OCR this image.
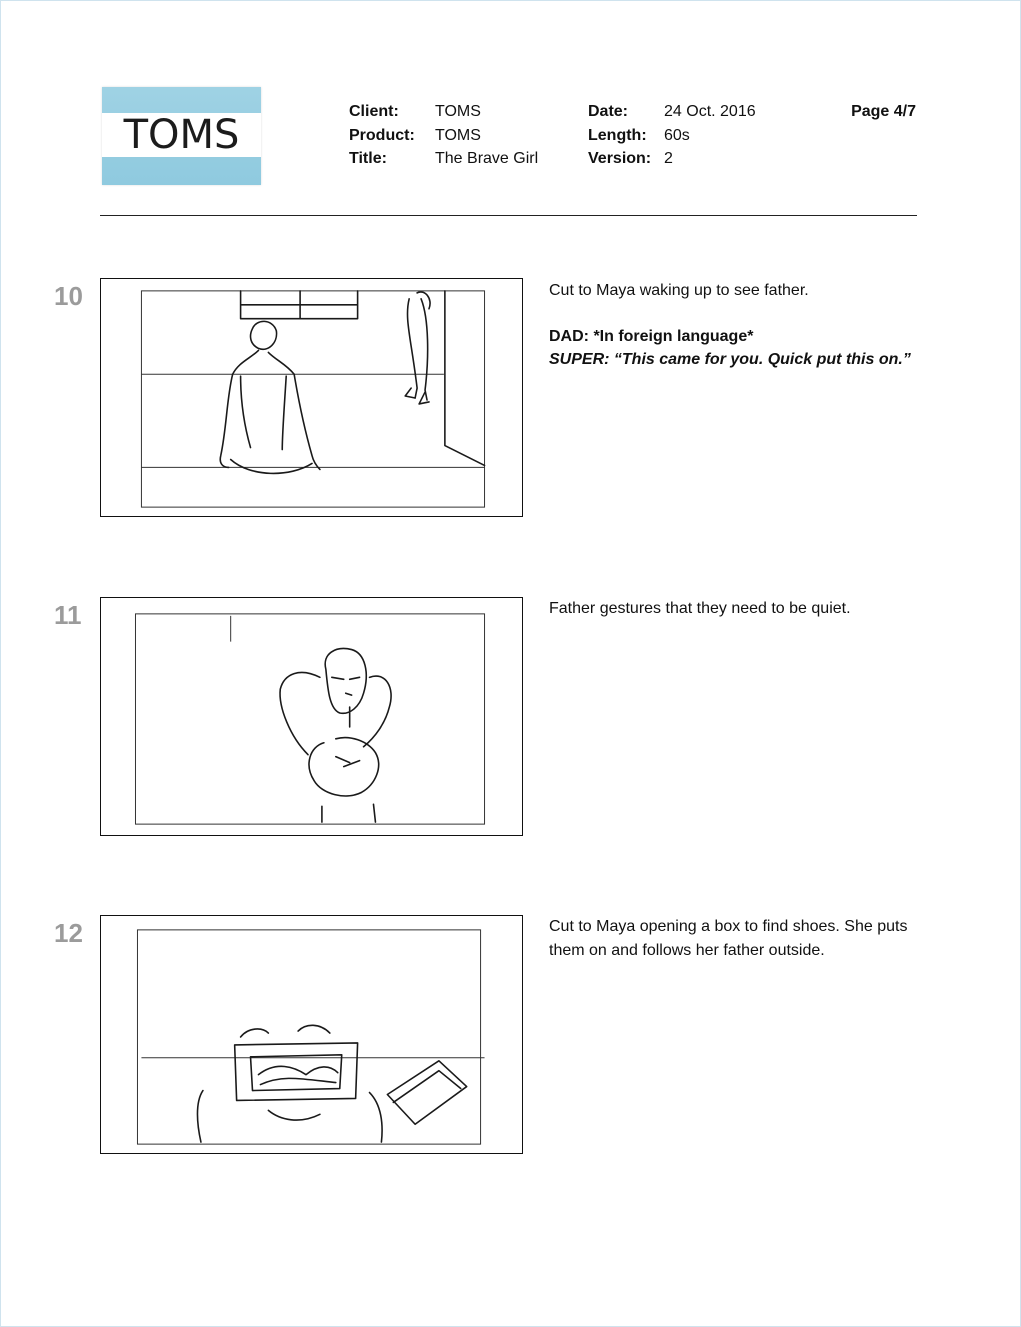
TOMS
Client:	TOMS
Product:	TOMS
Title:	The Brave Girl
Date:	24 Oct. 2016
Length:	60s
Version: 2
Page 4/7
10	Cut to Maya waking up to see father.

DAD: *In foreign language*

SUPER: “This came for you. Quick put this on.”

11	Father gestures that they need to be quiet.

12	Cut to Maya opening a box to find shoes. She puts them on and follows her father outside.
